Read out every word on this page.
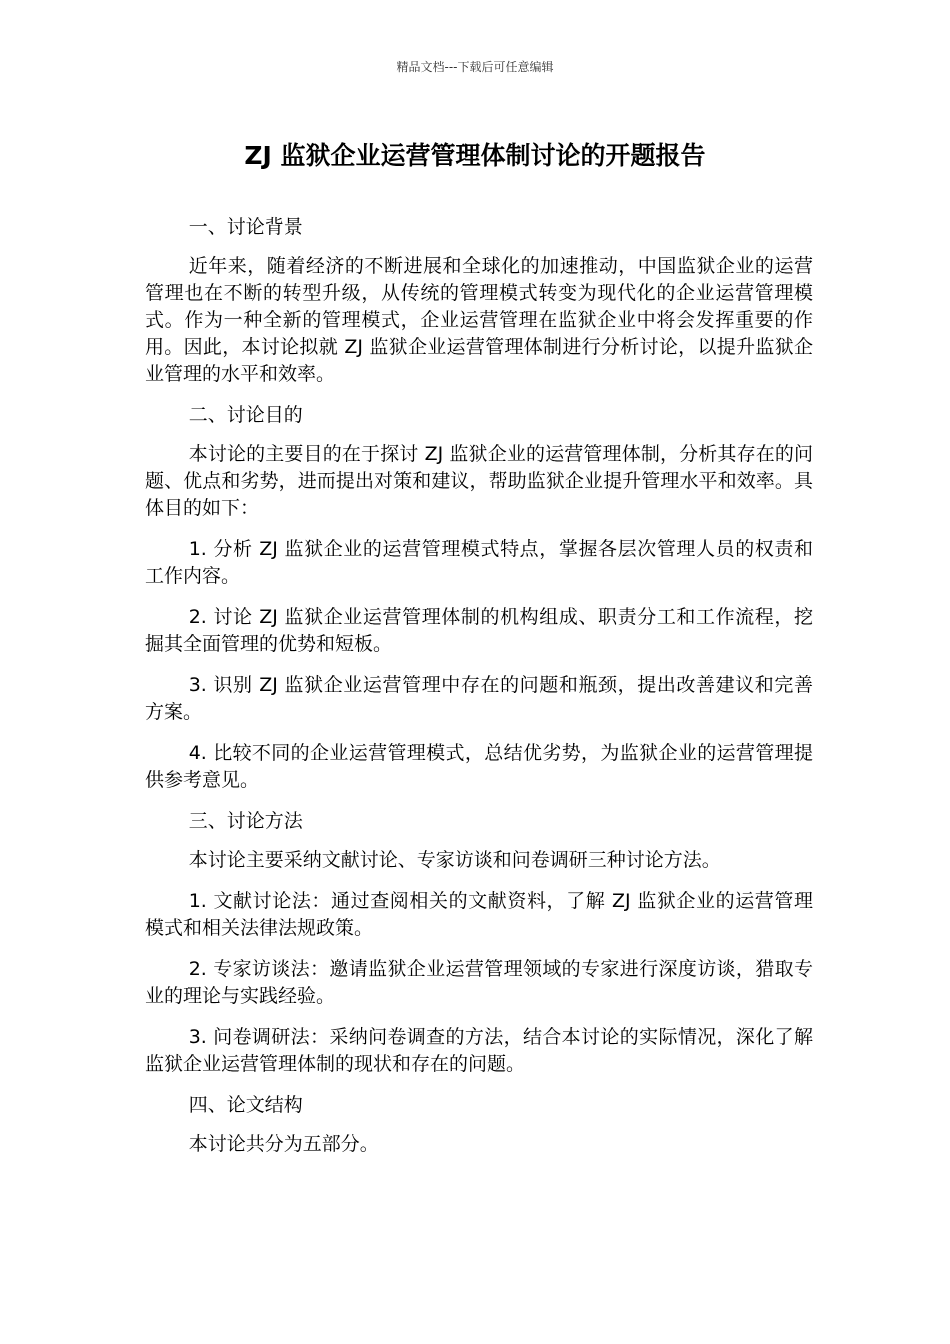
精品文档---下载后可任意编辑
ZJ 监狱企业运营管理体制讨论的开题报告

一、讨论背景

近年来，随着经济的不断进展和全球化的加速推动，中国监狱企业的运营管理也在不断的转型升级，从传统的管理模式转变为现代化的企业运营管理模式。作为一种全新的管理模式，企业运营管理在监狱企业中将会发挥重要的作用。因此，本讨论拟就 ZJ 监狱企业运营管理体制进行分析讨论，以提升监狱企业管理的水平和效率。

二、讨论目的

本讨论的主要目的在于探讨 ZJ 监狱企业的运营管理体制，分析其存在的问题、优点和劣势，进而提出对策和建议，帮助监狱企业提升管理水平和效率。具体目的如下：

1. 分析 ZJ 监狱企业的运营管理模式特点，掌握各层次管理人员的权责和工作内容。

2. 讨论 ZJ 监狱企业运营管理体制的机构组成、职责分工和工作流程，挖掘其全面管理的优势和短板。

3. 识别 ZJ 监狱企业运营管理中存在的问题和瓶颈，提出改善建议和完善方案。

4. 比较不同的企业运营管理模式，总结优劣势，为监狱企业的运营管理提供参考意见。

三、讨论方法

本讨论主要采纳文献讨论、专家访谈和问卷调研三种讨论方法。

1. 文献讨论法：通过查阅相关的文献资料，了解 ZJ 监狱企业的运营管理模式和相关法律法规政策。

2. 专家访谈法：邀请监狱企业运营管理领域的专家进行深度访谈，猎取专业的理论与实践经验。

3. 问卷调研法：采纳问卷调查的方法，结合本讨论的实际情况，深化了解监狱企业运营管理体制的现状和存在的问题。

四、论文结构

本讨论共分为五部分。
